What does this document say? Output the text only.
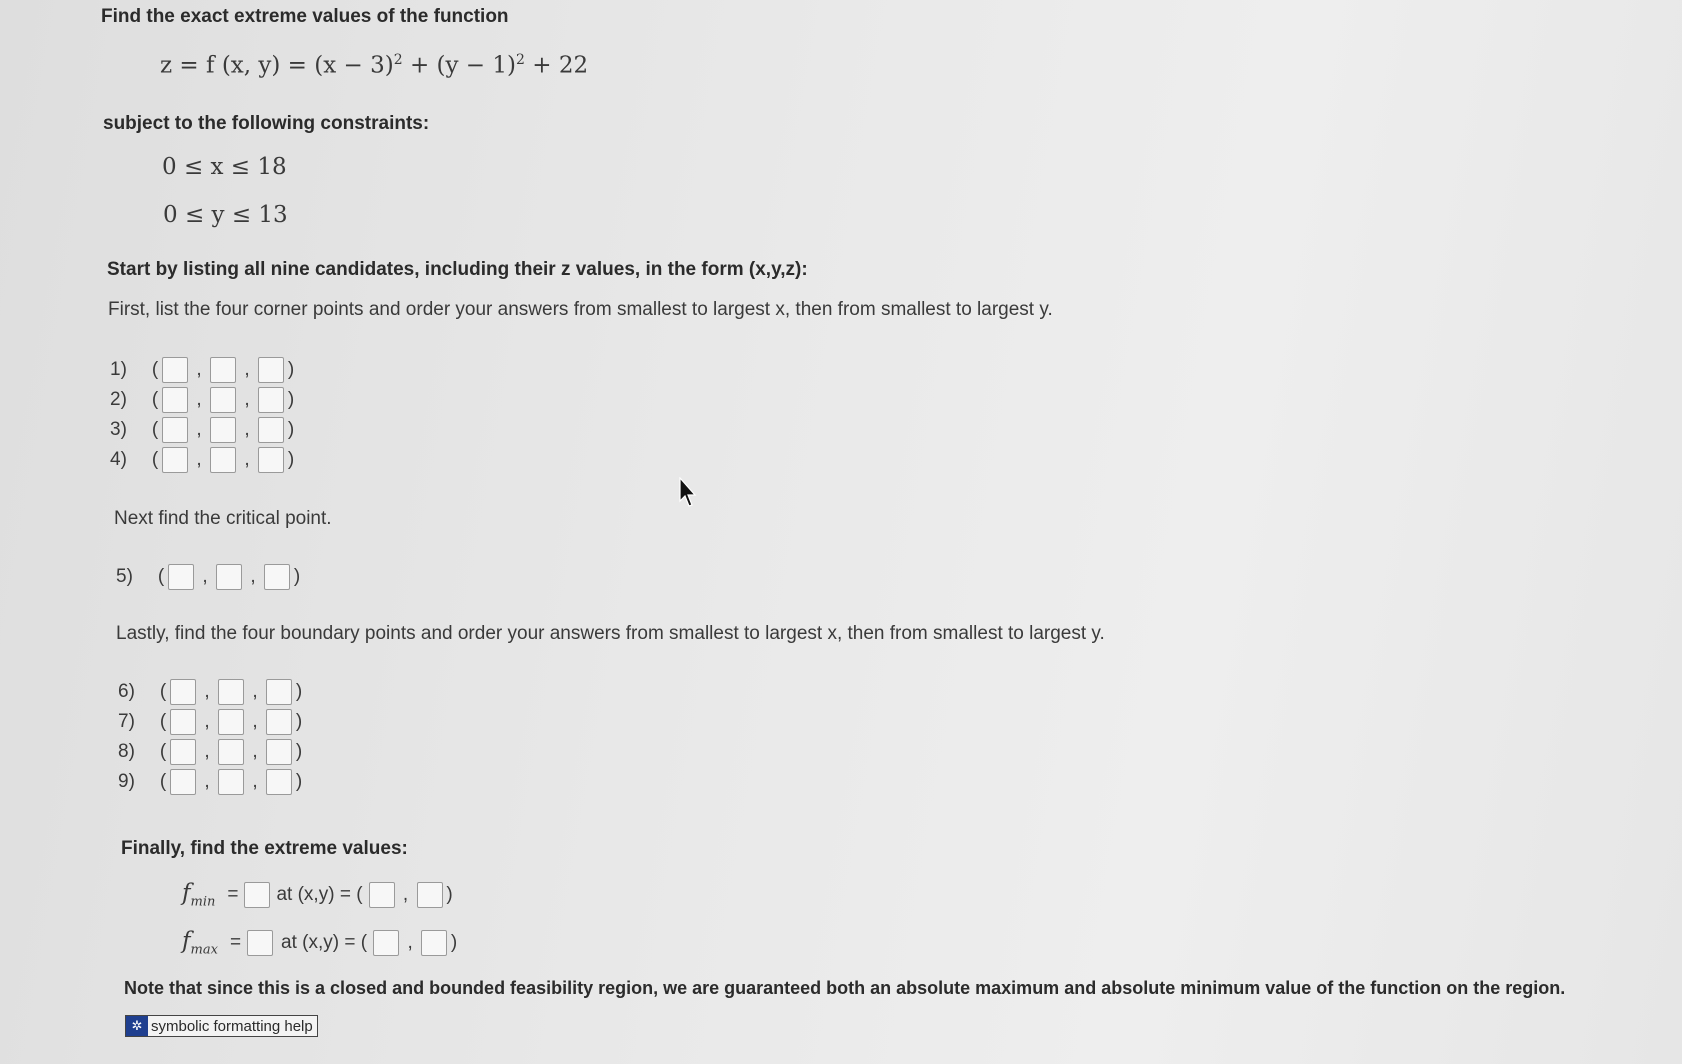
Find the exact extreme values of the function
z = f (x, $y) = (x - 3)^2 + (y - 1)^2 + 22$
subject to the following constraints:
0 ≤ x ≤ 18
0 ≤ y ≤ 13
Start by listing all nine candidates, including their z values, in the form (x,y,z):
First, list the four corner points and order your answers from smallest to largest x, then from smallest to largest y.
1)	(	,	,	)
2)	(	,	,	)
3)	(	,	,	)
4)	(	,	,	)
Next find the critical point.
5)	(	,	,	)
Lastly, find the four boundary points and order your answers from smallest to largest x, then from smallest to largest y.
6)	(	,	,	)
7)	(	,	,	)
8)	(	,	,	)
9)	(	,	,	)
Finally, find the extreme values:
$f_{min}$ = at (x,y) = (	,	)
$f_{max}$ = at (x,y) = (	,	)
Note that since this is a closed and bounded feasibility region, we are guaranteed both an absolute maximum and absolute minimum value of the function on the region.
✲ symbolic formatting help
